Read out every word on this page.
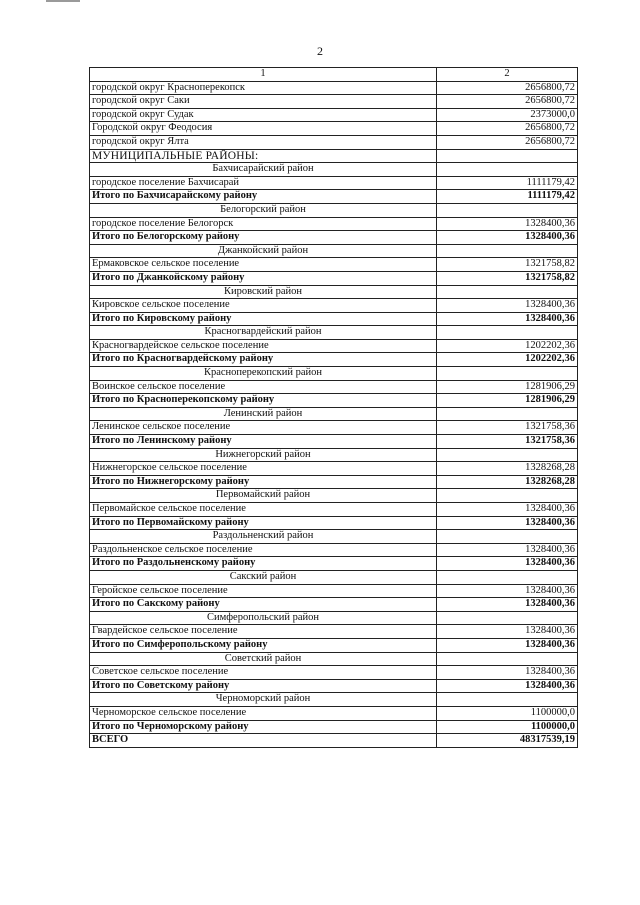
2
1	2
городской округ Красноперекопск	2656800,72
городской округ Саки	2656800,72
городской округ Судак	2373000,0
Городской округ Феодосия	2656800,72
городской округ Ялта	2656800,72
МУНИЦИПАЛЬНЫЕ РАЙОНЫ:	
Бахчисарайский район	
городское поселение Бахчисарай	1111179,42
Итого по Бахчисарайскому району	1111179,42
Белогорский район	
городское поселение Белогорск	1328400,36
Итого по Белогорскому району	1328400,36
Джанкойский район	
Ермаковское сельское поселение	1321758,82
Итого по Джанкойскому району	1321758,82
Кировский район	
Кировское сельское поселение	1328400,36
Итого по Кировскому району	1328400,36
Красногвардейский район	
Красногвардейское сельское поселение	1202202,36
Итого по Красногвардейскому району	1202202,36
Красноперекопский район	
Воинское сельское поселение	1281906,29
Итого по Красноперекопскому району	1281906,29
Ленинский район	
Ленинское сельское поселение	1321758,36
Итого по Ленинскому району	1321758,36
Нижнегорский район	
Нижнегорское сельское поселение	1328268,28
Итого по Нижнегорскому району	1328268,28
Первомайский район	
Первомайское сельское поселение	1328400,36
Итого по Первомайскому району	1328400,36
Раздольненский район	
Раздольненское сельское поселение	1328400,36
Итого по Раздольненскому району	1328400,36
Сакский район	
Геройское сельское поселение	1328400,36
Итого по Сакскому району	1328400,36
Симферопольский район	
Гвардейское сельское поселение	1328400,36
Итого по Симферопольскому району	1328400,36
Советский район	
Советское сельское поселение	1328400,36
Итого по Советскому району	1328400,36
Черноморский район	
Черноморское сельское поселение	1100000,0
Итого по Черноморскому району	1100000,0
ВСЕГО	48317539,19
